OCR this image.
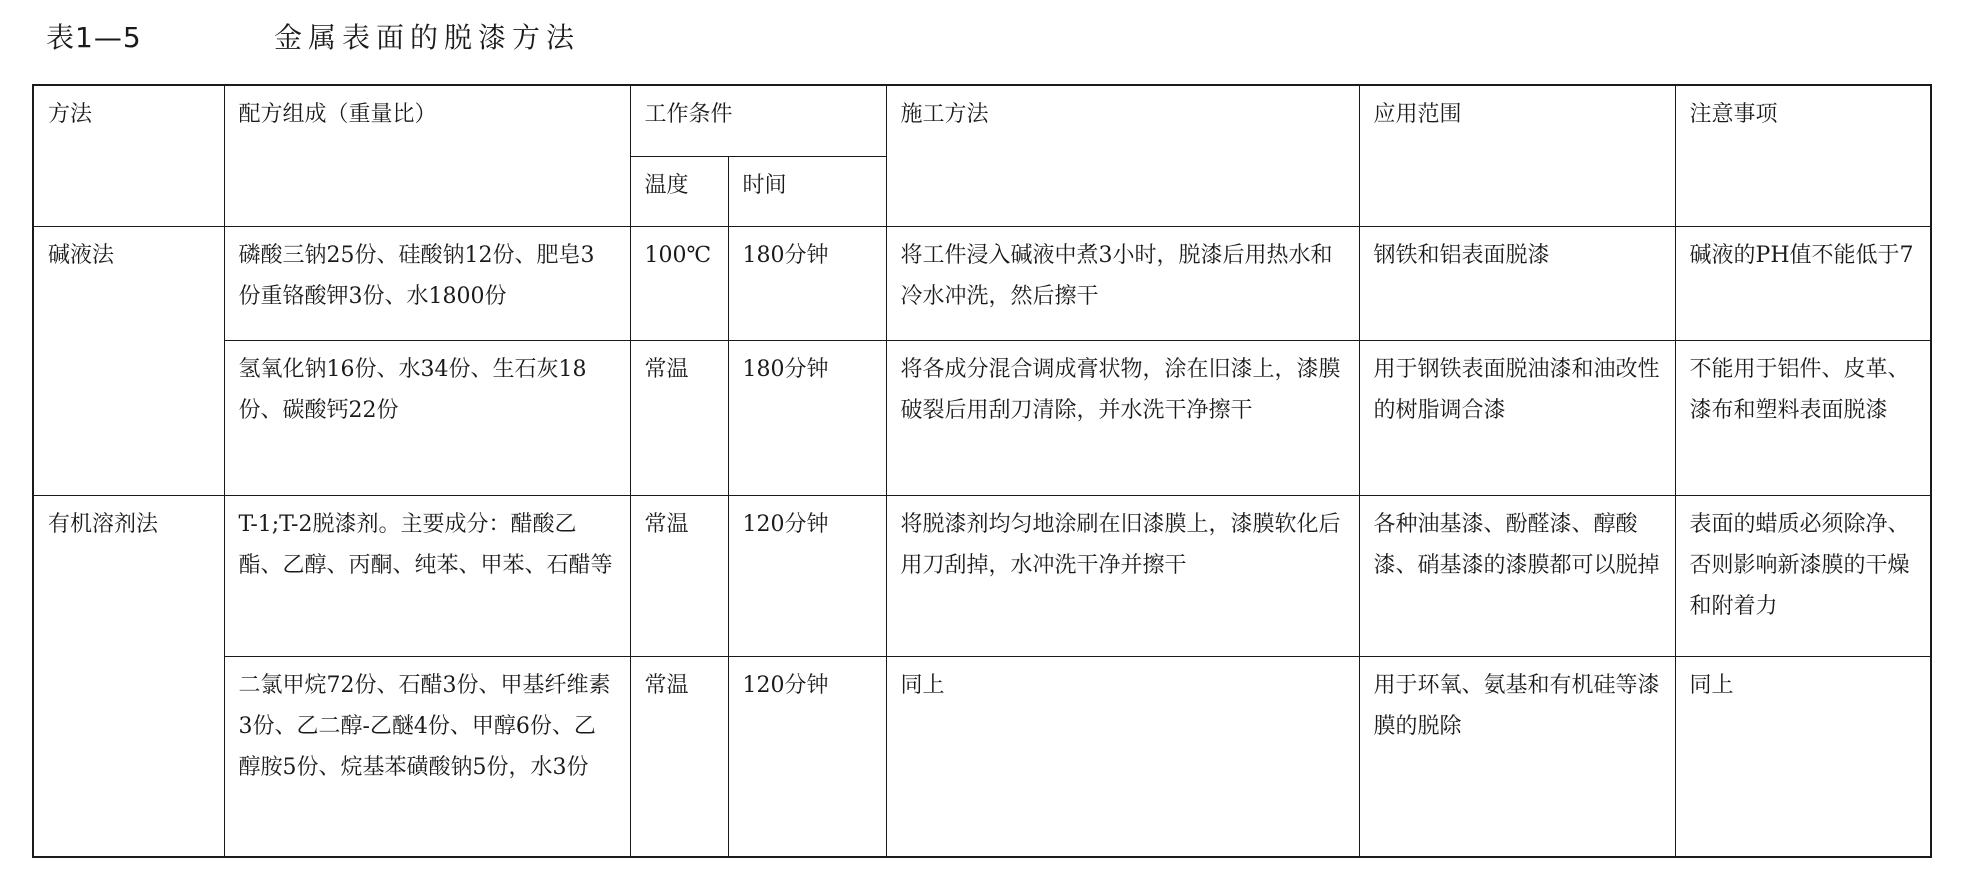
表1—5	金属表面的脱漆方法
方法	配方组成（重量比）	工作条件		施工方法	应用范围	注意事项
		温度	时间			
碱液法	磷酸三钠25份、硅酸钠12份、肥皂3份重铬酸钾3份、水1800份	100℃	180分钟	将工件浸入碱液中煮3小时，脱漆后用热水和冷水冲洗，然后擦干	钢铁和铝表面脱漆	碱液的PH值不能低于7
	氢氧化钠16份、水34份、生石灰18份、碳酸钙22份	常温	180分钟	将各成分混合调成膏状物，涂在旧漆上，漆膜破裂后用刮刀清除，并水洗干净擦干	用于钢铁表面脱油漆和油改性的树脂调合漆	不能用于铝件、皮革、漆布和塑料表面脱漆
有机溶剂法	T-1;T-2脱漆剂。主要成分：醋酸乙酯、乙醇、丙酮、纯苯、甲苯、石醋等	常温	120分钟	将脱漆剂均匀地涂刷在旧漆膜上，漆膜软化后用刀刮掉，水冲洗干净并擦干	各种油基漆、酚醛漆、醇酸漆、硝基漆的漆膜都可以脱掉	表面的蜡质必须除净、否则影响新漆膜的干燥和附着力
	二氯甲烷72份、石醋3份、甲基纤维素3份、乙二醇-乙醚4份、甲醇6份、乙醇胺5份、烷基苯磺酸钠5份，水3份	常温	120分钟	同上	用于环氧、氨基和有机硅等漆膜的脱除	同上
